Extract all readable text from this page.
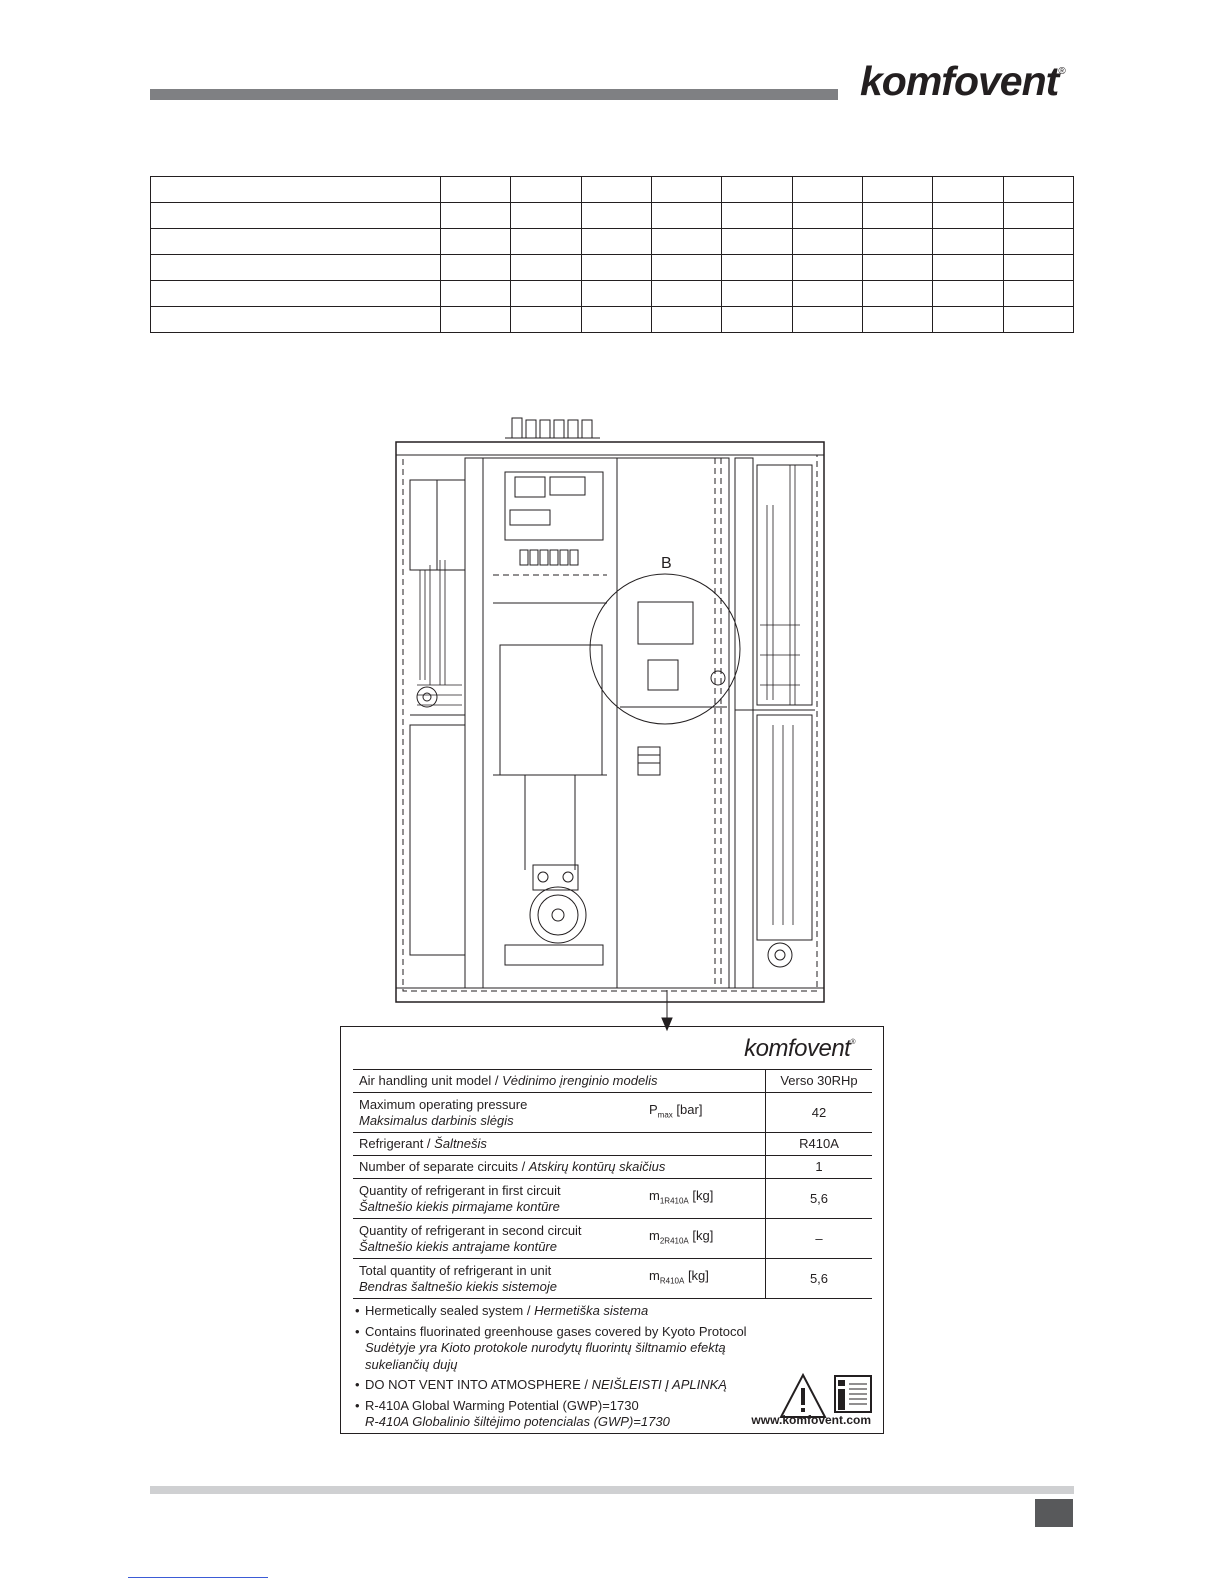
komfovent®

B
komfovent®
Air handling unit model / Vėdinimo įrenginio modelis		Verso 30RHp
Maximum operating pressure
Maksimalus darbinis slėgis	$P_{max}$ [bar]	42
Refrigerant / Šaltnešis		R410A
Number of separate circuits / Atskirų kontūrų skaičius		1
Quantity of refrigerant in first circuit
Šaltnešio kiekis pirmajame kontūre	$m_{1R410A}$ [kg]	5,6
Quantity of refrigerant in second circuit
Šaltnešio kiekis antrajame kontūre	$m_{2R410A}$ [kg]	–
Total quantity of refrigerant in unit
Bendras šaltnešio kiekis sistemoje	$m_{R410A}$ [kg]	5,6
• Hermetically sealed system / Hermetiška sistema
• Contains fluorinated greenhouse gases covered by Kyoto Protocol
Sudėtyje yra Kioto protokole nurodytų fluorintų šiltnamio efektą sukeliančių dujų
• DO NOT VENT INTO ATMOSPHERE / NEIŠLEISTI Į APLINKĄ
• R-410A Global Warming Potential (GWP)=1730
R-410A Globalinio šiltėjimo potencialas (GWP)=1730	www.komfovent.com
